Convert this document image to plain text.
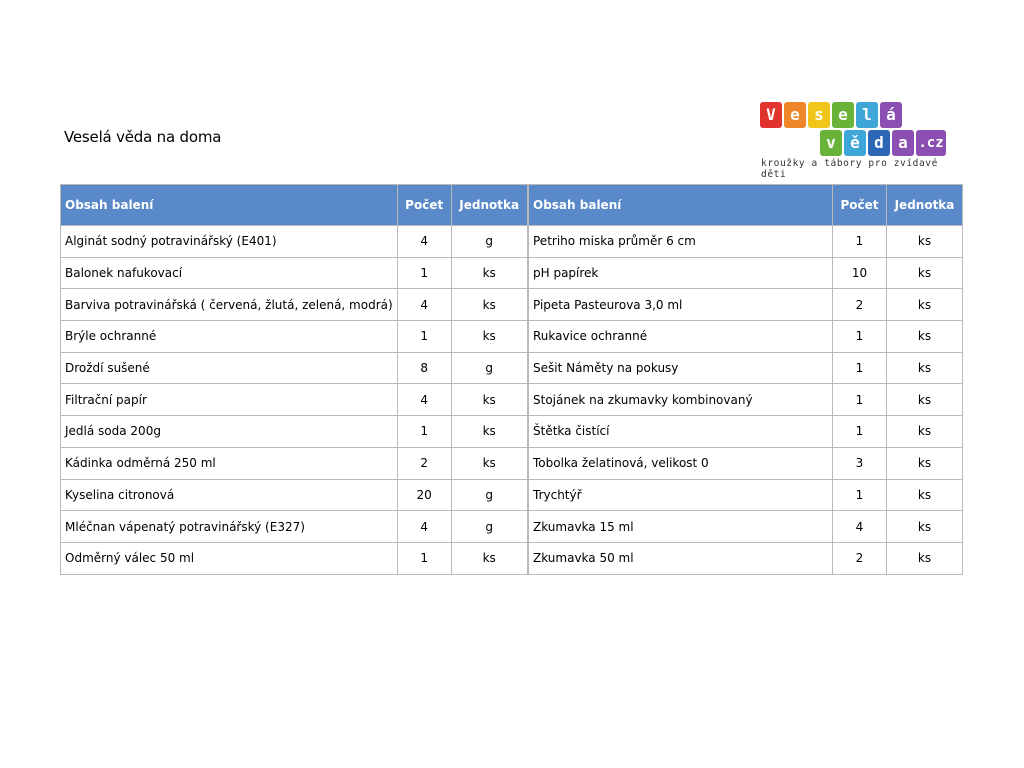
Veselá věda na doma
V e s e l á
v ě d a .cz
kroužky a tábory pro zvídavé děti
Obsah balení	Počet	Jednotka
Alginát sodný potravinářský (E401)	4	g
Balonek nafukovací	1	ks
Barviva potravinářská ( červená, žlutá, zelená, modrá)	4	ks
Brýle ochranné	1	ks
Droždí sušené	8	g
Filtrační papír	4	ks
Jedlá soda 200g	1	ks
Kádinka odměrná 250 ml	2	ks
Kyselina citronová	20	g
Mléčnan vápenatý potravinářský (E327)	4	g
Odměrný válec 50 ml	1	ks
Obsah balení	Počet	Jednotka
Petriho miska průměr 6 cm	1	ks
pH papírek	10	ks
Pipeta Pasteurova 3,0 ml	2	ks
Rukavice ochranné	1	ks
Sešit Náměty na pokusy	1	ks
Stojánek na zkumavky kombinovaný	1	ks
Štětka čistící	1	ks
Tobolka želatinová, velikost 0	3	ks
Trychtýř	1	ks
Zkumavka 15 ml	4	ks
Zkumavka 50 ml	2	ks
